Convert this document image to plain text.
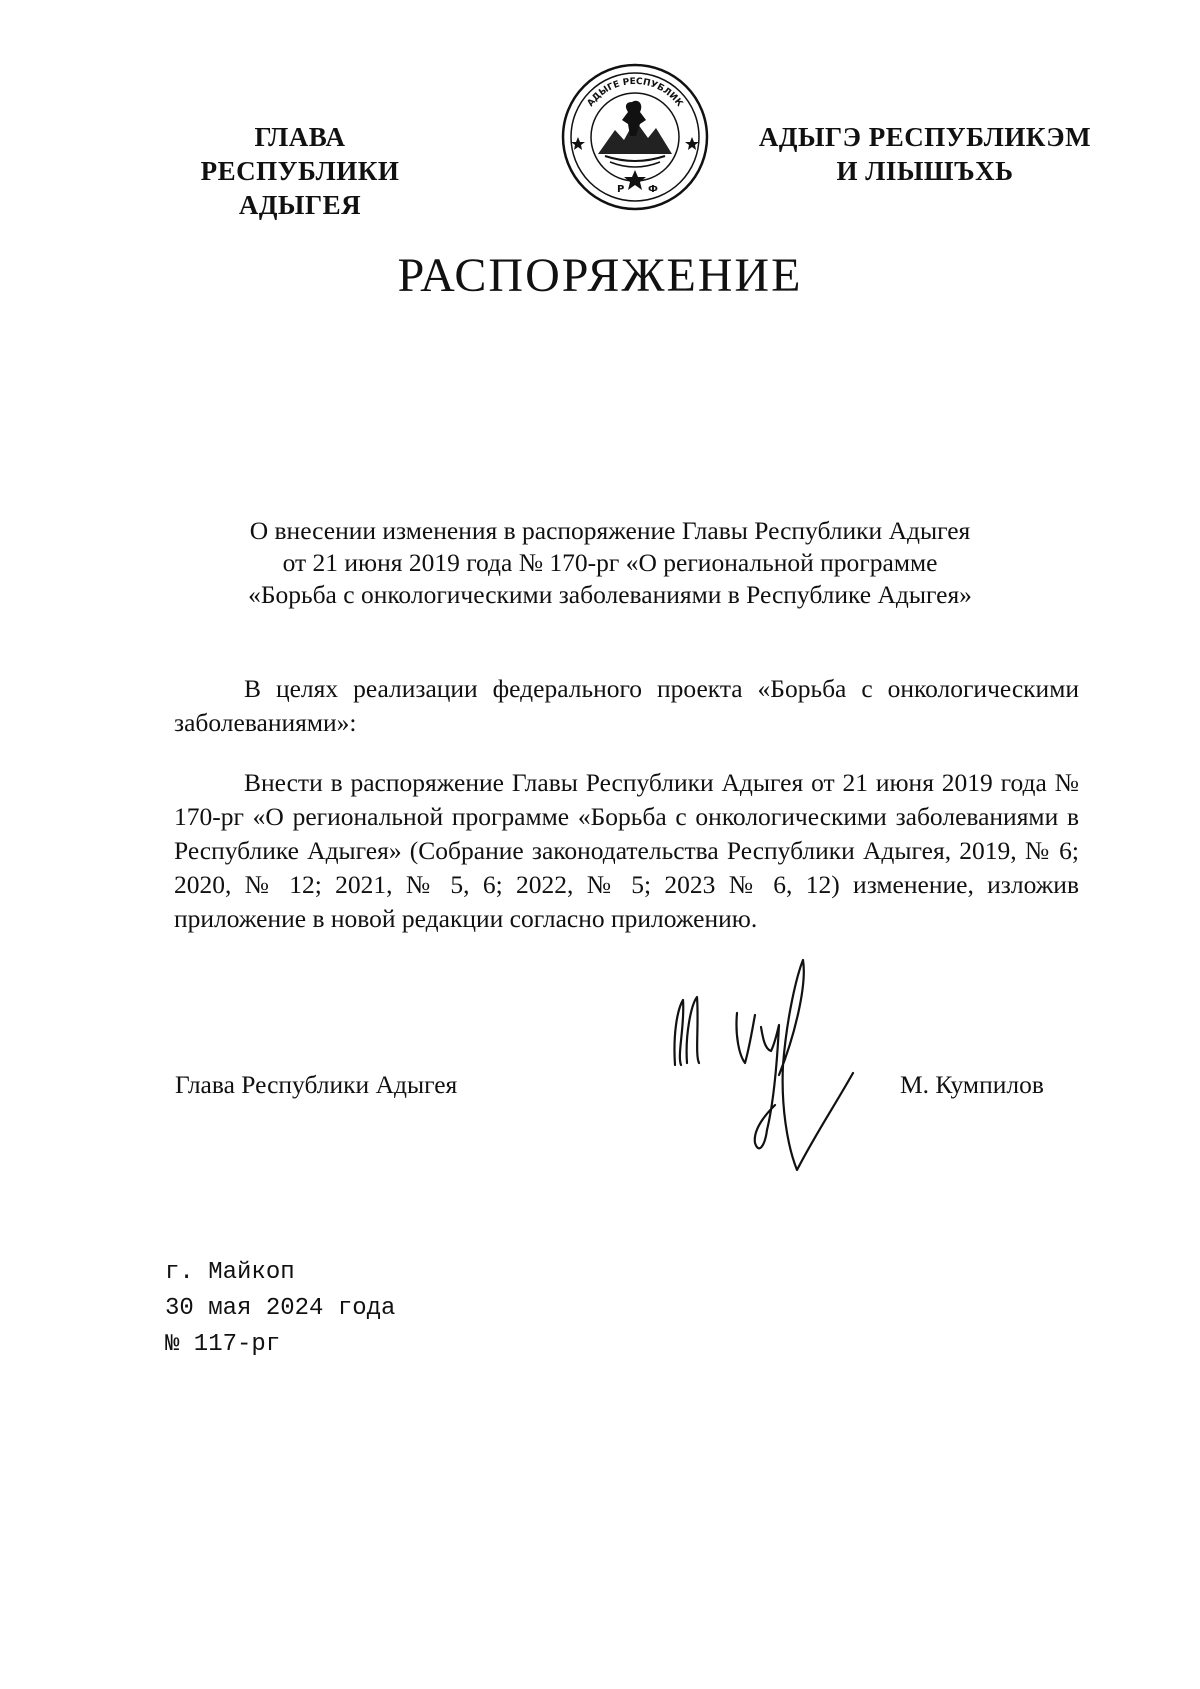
ГЛАВА
РЕСПУБЛИКИ АДЫГЕЯ
АДЫГЕ РЕСПУБЛИК
Р Ф
АДЫГЭ РЕСПУБЛИКЭМ
И ЛІЫШЪХЬ
РАСПОРЯЖЕНИЕ
О внесении изменения в распоряжение Главы Республики Адыгея
от 21 июня 2019 года № 170-рг «О региональной программе
«Борьба с онкологическими заболеваниями в Республике Адыгея»

В целях реализации федерального проекта «Борьба с онкологическими заболеваниями»:

Внести в распоряжение Главы Республики Адыгея от 21 июня 2019 года № 170-рг «О региональной программе «Борьба с онкологическими заболеваниями в Республике Адыгея» (Собрание законодательства Республики Адыгея, 2019, № 6; 2020, № 12; 2021, № 5, 6; 2022, № 5; 2023 № 6, 12) изменение, изложив приложение в новой редакции согласно приложению.

Глава Республики Адыгея	М. Кумпилов
г. Майкоп
30 мая 2024 года
№ 117-рг
